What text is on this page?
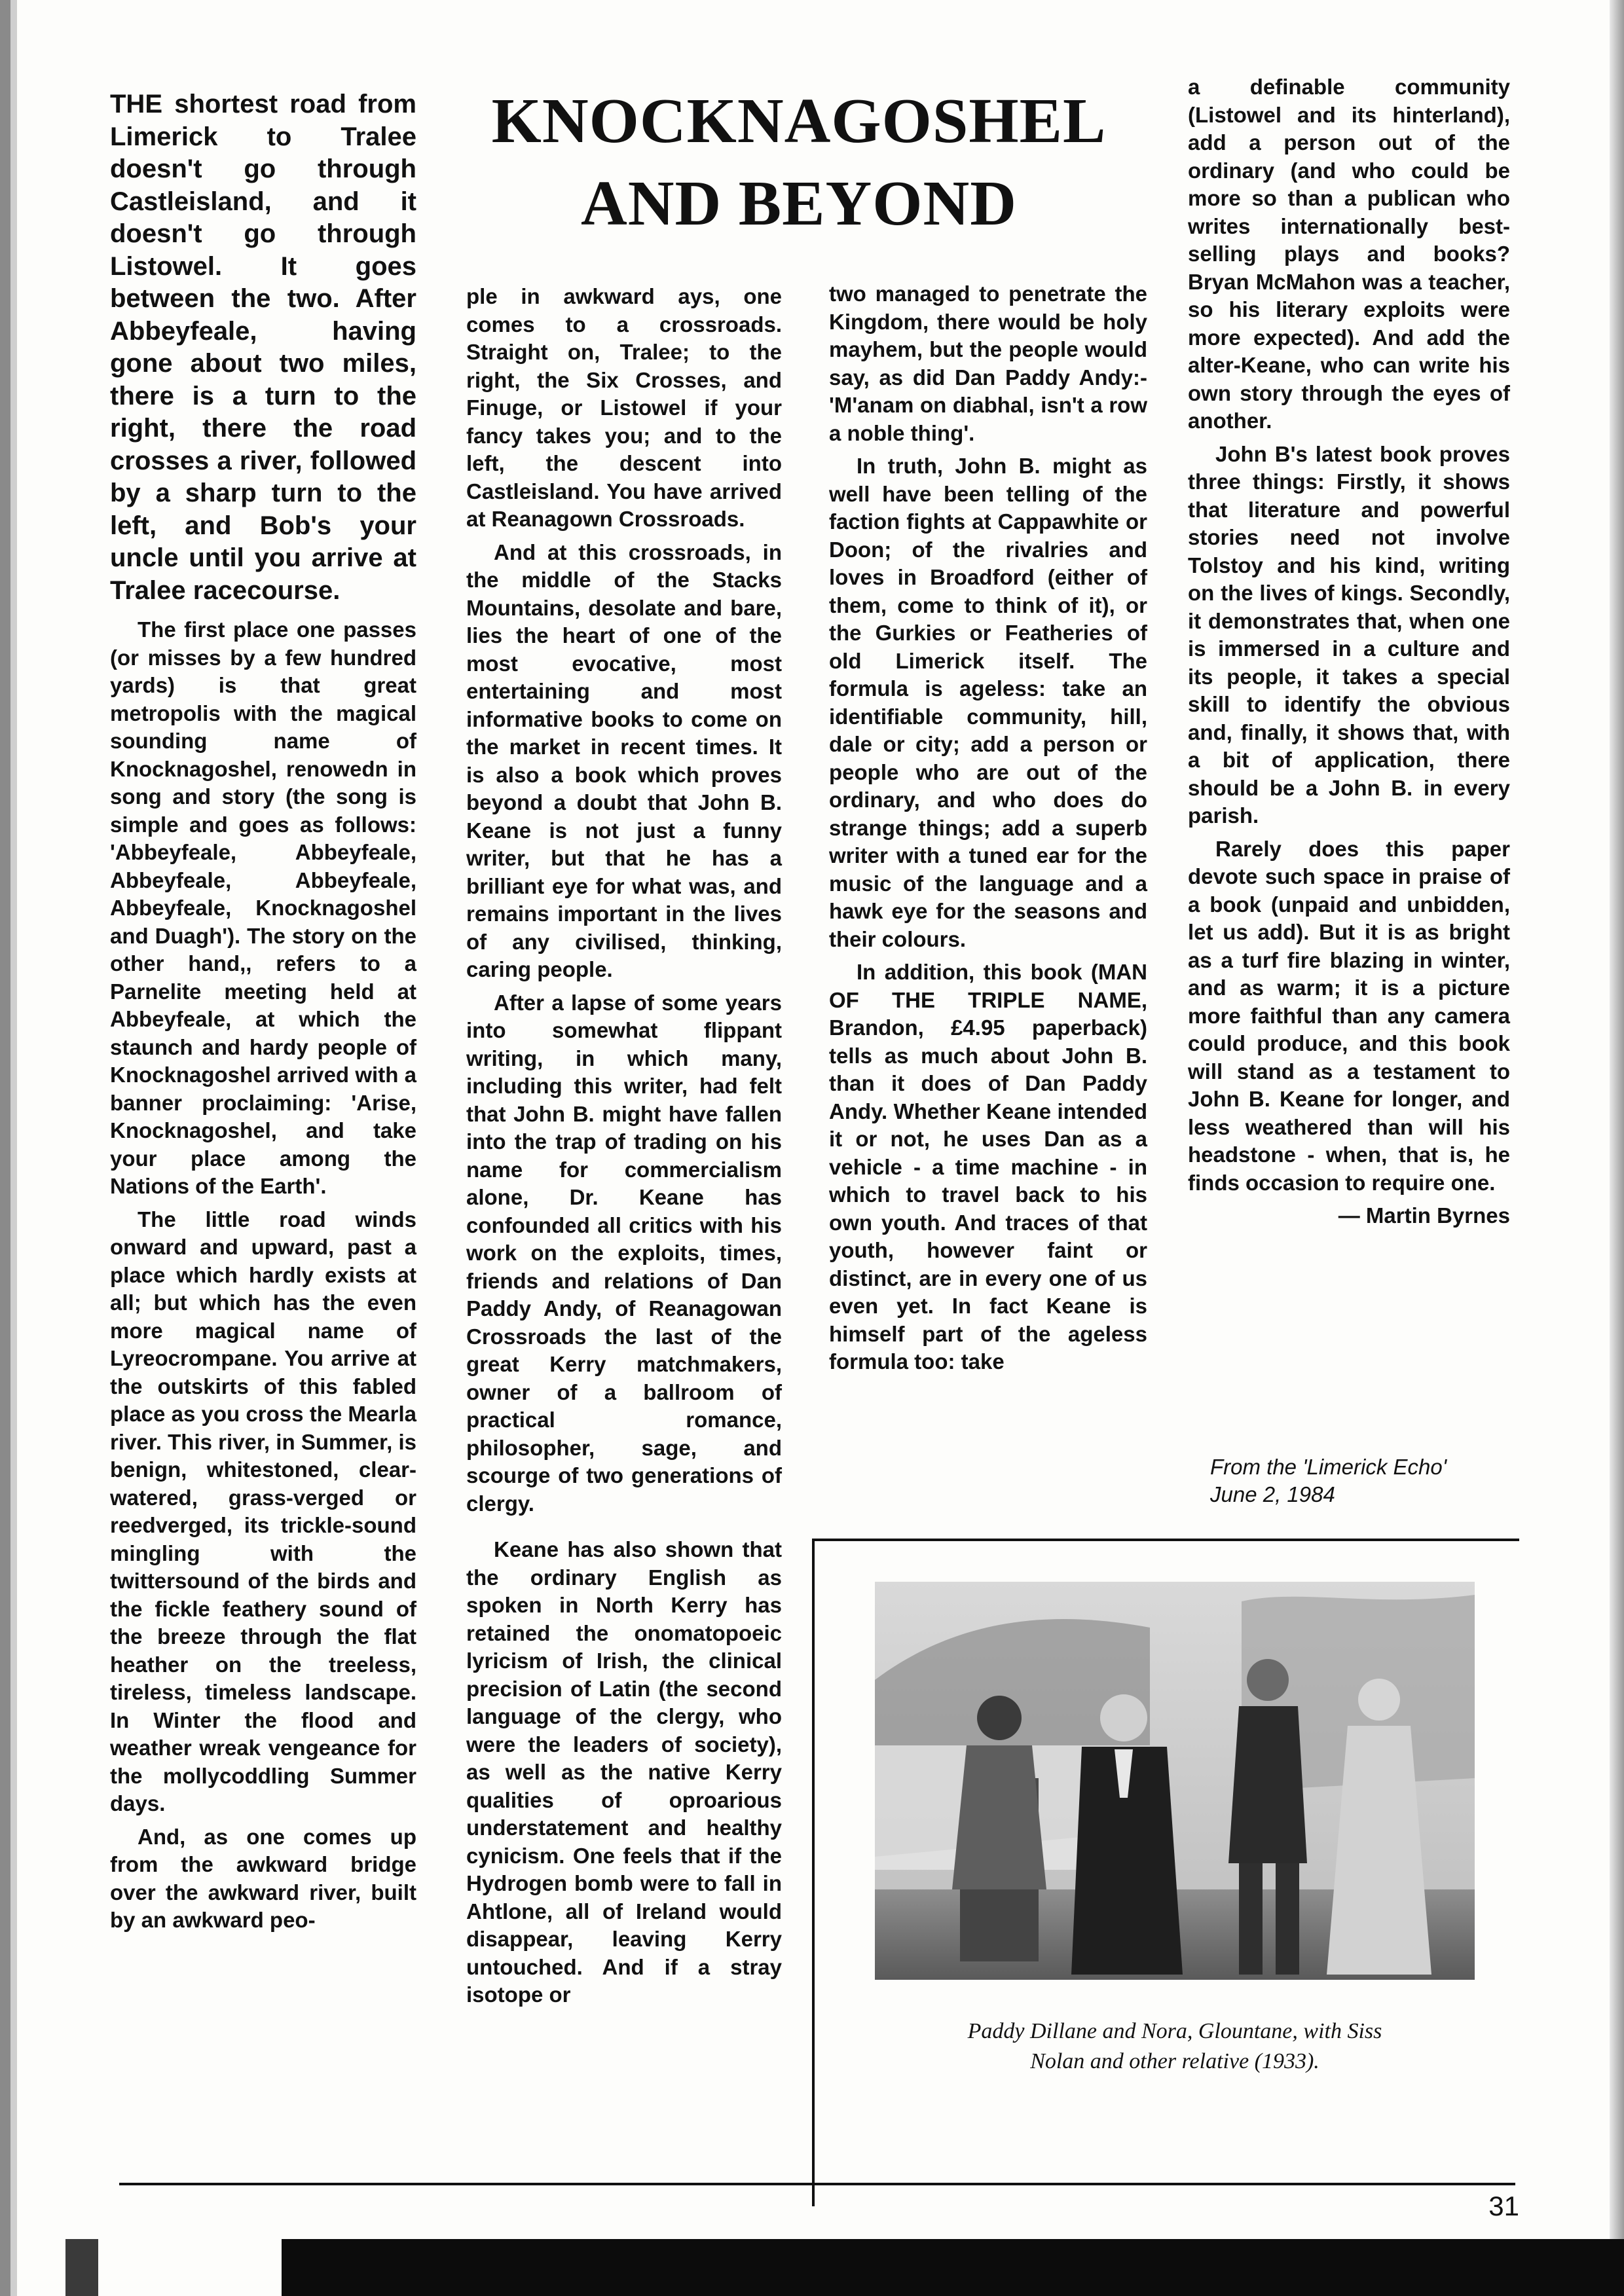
KNOCKNAGOSHEL
AND BEYOND

THE shortest road from Limerick to Tralee doesn't go through Castleisland, and it doesn't go through Listowel. It goes between the two. After Abbeyfeale, having gone about two miles, there is a turn to the right, there the road crosses a river, followed by a sharp turn to the left, and Bob's your uncle until you arrive at Tralee racecourse.

The first place one passes (or misses by a few hundred yards) is that great metropolis with the magical sounding name of Knocknagoshel, renowedn in song and story (the song is simple and goes as follows: 'Abbeyfeale, Abbeyfeale, Abbeyfeale, Abbeyfeale, Abbeyfeale, Knocknagoshel and Duagh'). The story on the other hand,, refers to a Parnelite meeting held at Abbeyfeale, at which the staunch and hardy people of Knocknagoshel arrived with a banner proclaiming: 'Arise, Knocknagoshel, and take your place among the Nations of the Earth'.

The little road winds onward and upward, past a place which hardly exists at all; but which has the even more magical name of Lyreocrompane. You arrive at the outskirts of this fabled place as you cross the Mearla river. This river, in Summer, is benign, whitestoned, clear-watered, grass-verged or reedverged, its trickle-sound mingling with the twittersound of the birds and the fickle feathery sound of the breeze through the flat heather on the treeless, tireless, timeless landscape. In Winter the flood and weather wreak vengeance for the mollycoddling Summer days.

And, as one comes up from the awkward bridge over the awkward river, built by an awkward peo-

ple in awkward ays, one comes to a crossroads. Straight on, Tralee; to the right, the Six Crosses, and Finuge, or Listowel if your fancy takes you; and to the left, the descent into Castleisland. You have arrived at Reanagown Crossroads.

And at this crossroads, in the middle of the Stacks Mountains, desolate and bare, lies the heart of one of the most evocative, most entertaining and most informative books to come on the market in recent times. It is also a book which proves beyond a doubt that John B. Keane is not just a funny writer, but that he has a brilliant eye for what was, and remains important in the lives of any civilised, thinking, caring people.

After a lapse of some years into somewhat flippant writing, in which many, including this writer, had felt that John B. might have fallen into the trap of trading on his name for commercialism alone, Dr. Keane has confounded all critics with his work on the exploits, times, friends and relations of Dan Paddy Andy, of Reanagowan Crossroads the last of the great Kerry matchmakers, owner of a ballroom of practical romance, philosopher, sage, and scourge of two generations of clergy.

Keane has also shown that the ordinary English as spoken in North Kerry has retained the onomatopoeic lyricism of Irish, the clinical precision of Latin (the second language of the clergy, who were the leaders of society), as well as the native Kerry qualities of oproarious understatement and healthy cynicism. One feels that if the Hydrogen bomb were to fall in Ahtlone, all of Ireland would disappear, leaving Kerry untouched. And if a stray isotope or

two managed to penetrate the Kingdom, there would be holy mayhem, but the people would say, as did Dan Paddy Andy:- 'M'anam on diabhal, isn't a row a noble thing'.

In truth, John B. might as well have been telling of the faction fights at Cappawhite or Doon; of the rivalries and loves in Broadford (either of them, come to think of it), or the Gurkies or Featheries of old Limerick itself. The formula is ageless: take an identifiable community, hill, dale or city; add a person or people who are out of the ordinary, and who does do strange things; add a superb writer with a tuned ear for the music of the language and a hawk eye for the seasons and their colours.

In addition, this book (MAN OF THE TRIPLE NAME, Brandon, £4.95 paperback) tells as much about John B. than it does of Dan Paddy Andy. Whether Keane intended it or not, he uses Dan as a vehicle - a time machine - in which to travel back to his own youth. And traces of that youth, however faint or distinct, are in every one of us even yet. In fact Keane is himself part of the ageless formula too: take

a definable community (Listowel and its hinterland), add a person out of the ordinary (and who could be more so than a publican who writes internationally best-selling plays and books? Bryan McMahon was a teacher, so his literary exploits were more expected). And add the alter-Keane, who can write his own story through the eyes of another.

John B's latest book proves three things: Firstly, it shows that literature and powerful stories need not involve Tolstoy and his kind, writing on the lives of kings. Secondly, it demonstrates that, when one is immersed in a culture and its people, it takes a special skill to identify the obvious and, finally, it shows that, with a bit of application, there should be a John B. in every parish.

Rarely does this paper devote such space in praise of a book (unpaid and unbidden, let us add). But it is as bright as a turf fire blazing in winter, and as warm; it is a picture more faithful than any camera could produce, and this book will stand as a testament to John B. Keane for longer, and less weathered than will his headstone - when, that is, he finds occasion to require one.

— Martin Byrnes
From the 'Limerick Echo'
June 2, 1984
Paddy Dillane and Nora, Glountane, with Siss
Nolan and other relative (1933).
31
